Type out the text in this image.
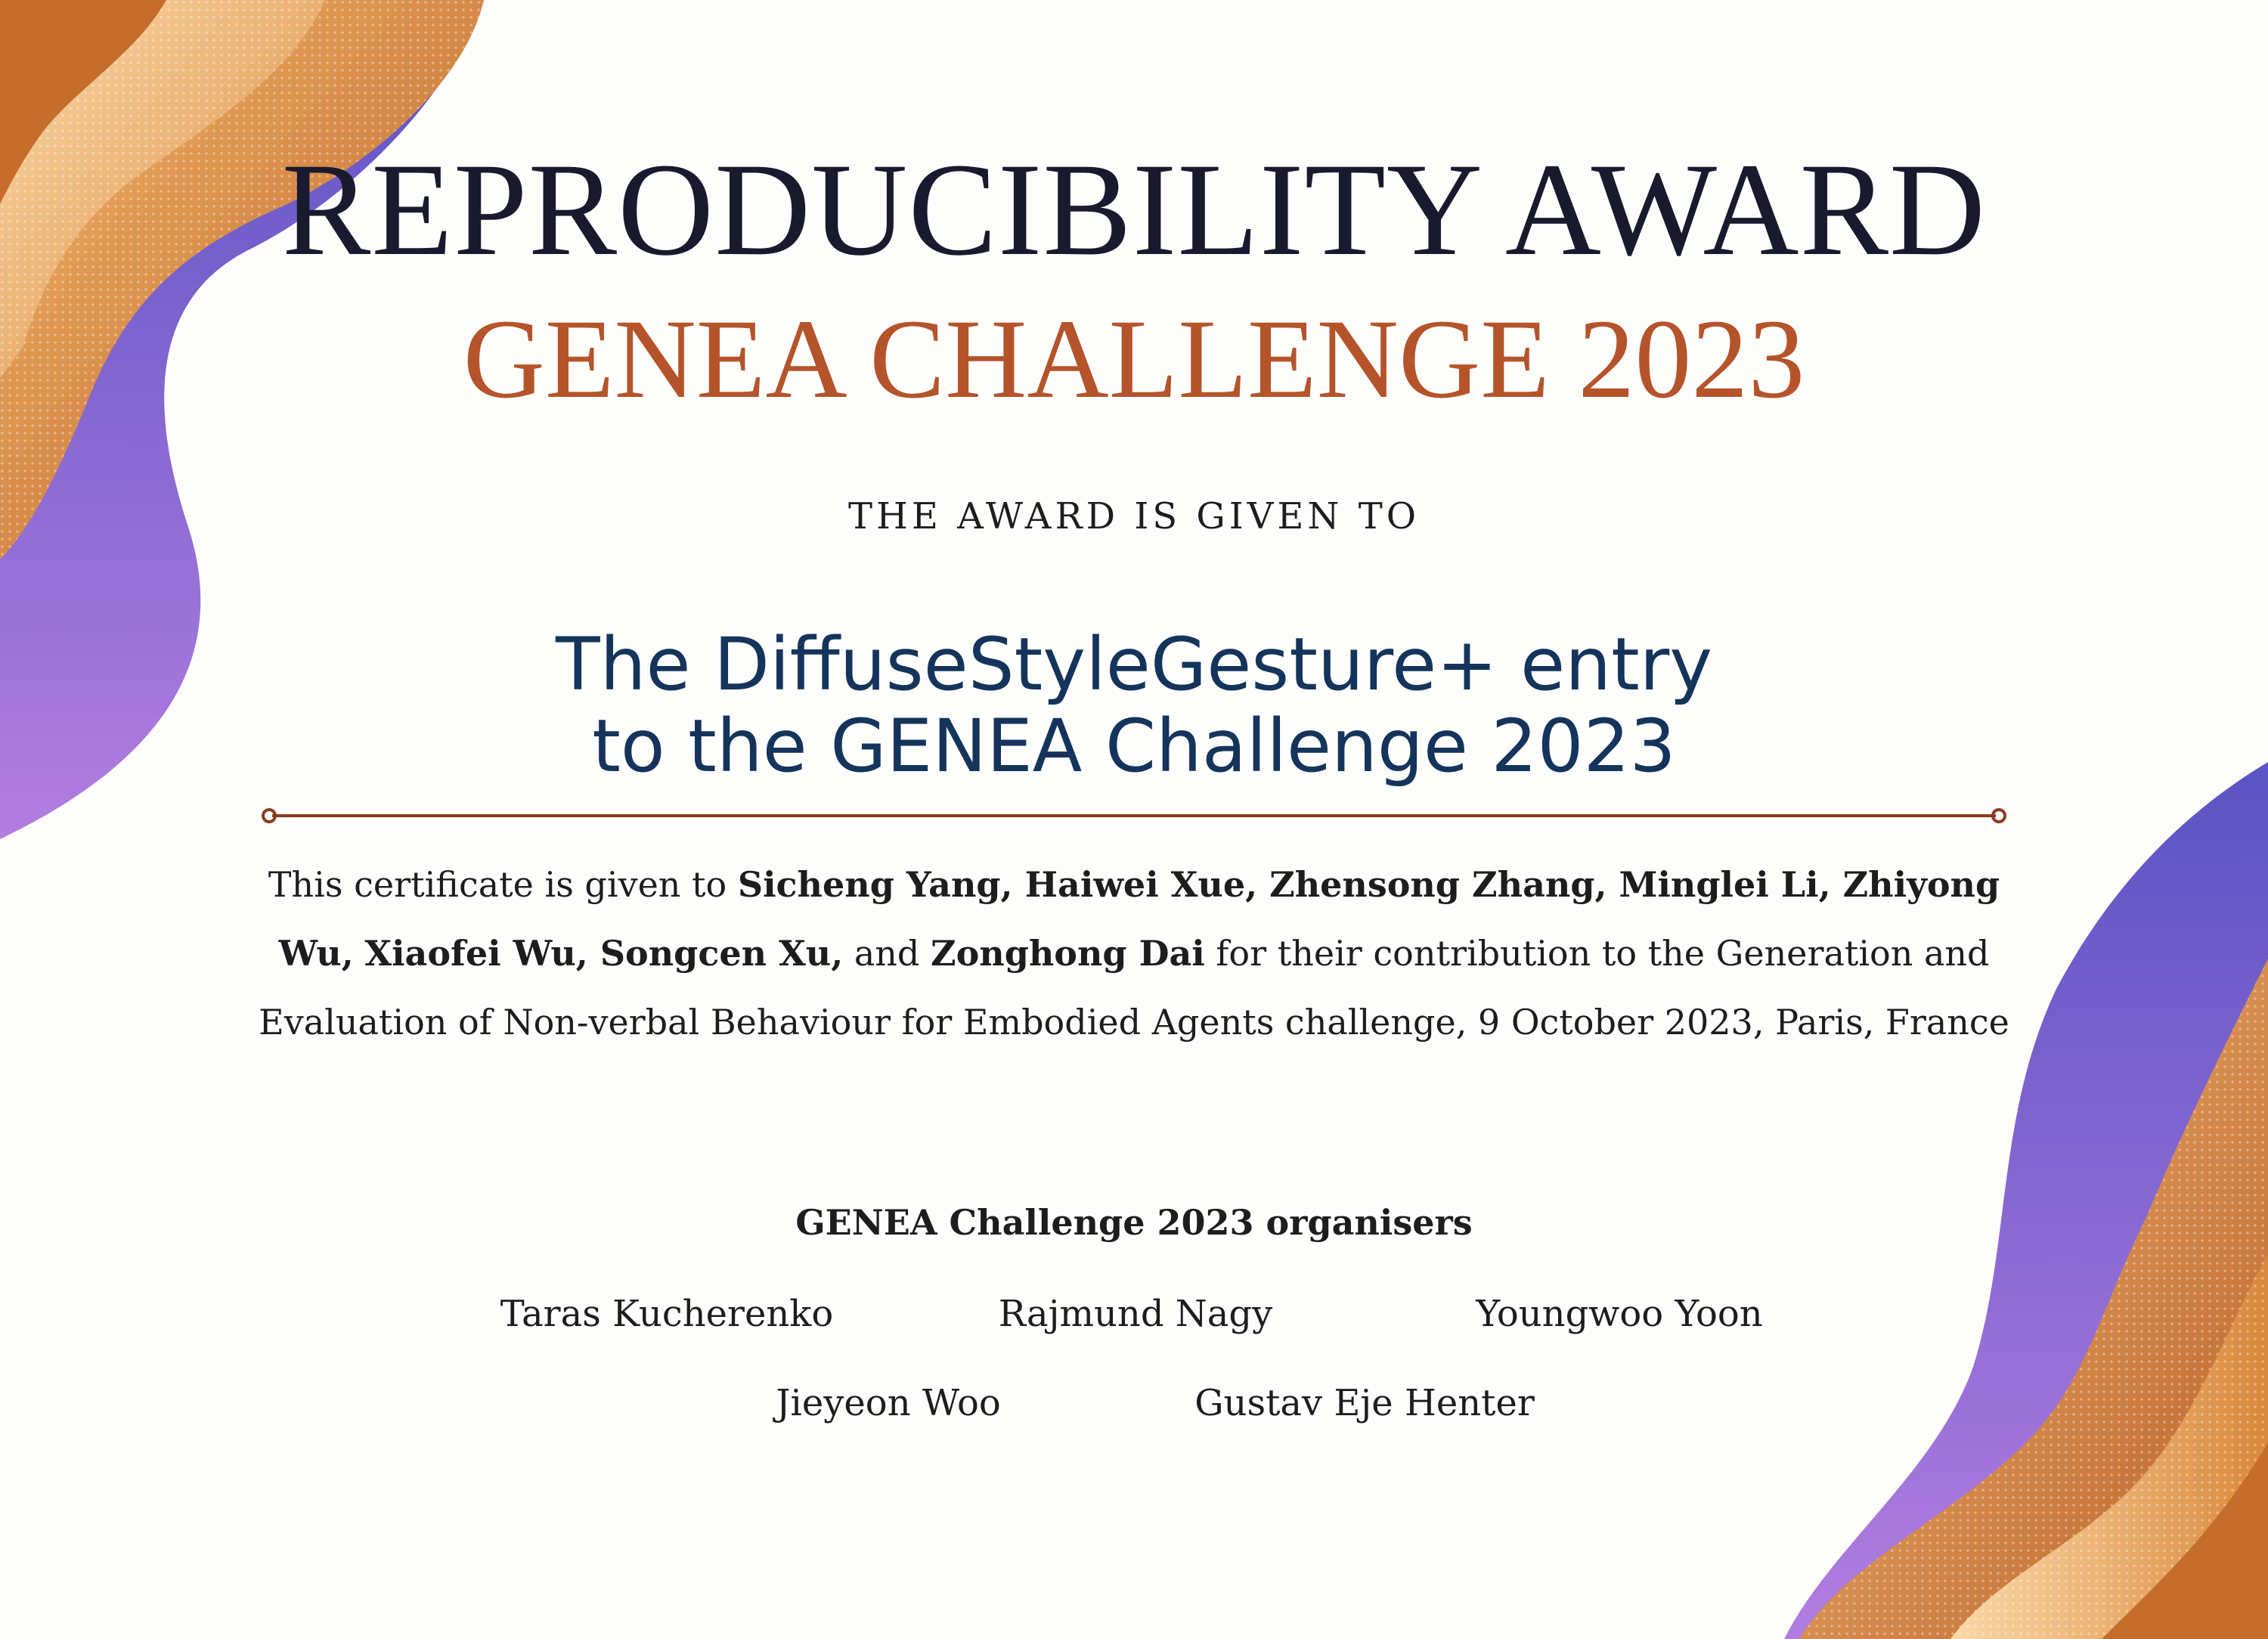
REPRODUCIBILITY AWARD
GENEA CHALLENGE 2023
THE AWARD IS GIVEN TO
The DiffuseStyleGesture+ entry
to the GENEA Challenge 2023
This certificate is given to Sicheng Yang, Haiwei Xue, Zhensong Zhang, Minglei Li, Zhiyong Wu, Xiaofei Wu, Songcen Xu, and Zonghong Dai for their contribution to the Generation and Evaluation of Non-verbal Behaviour for Embodied Agents challenge, 9 October 2023, Paris, France
GENEA Challenge 2023 organisers
Taras Kucherenko	Rajmund Nagy	Youngwoo Yoon
Jieyeon Woo	Gustav Eje Henter
